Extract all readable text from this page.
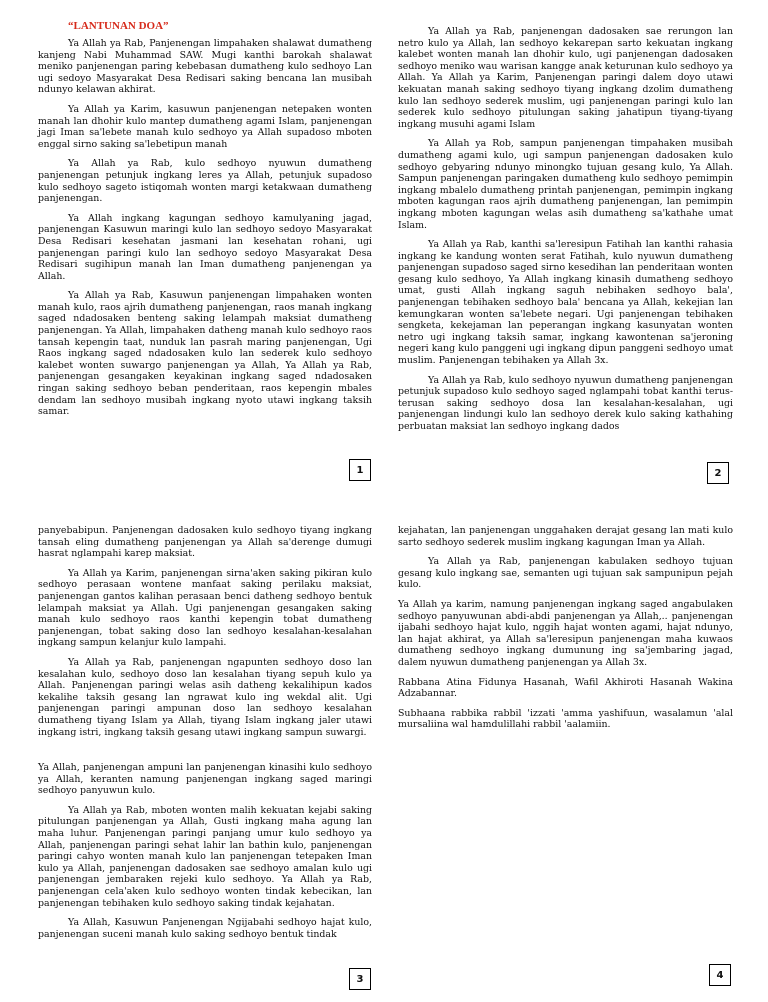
“LANTUNAN DOA”

Ya Allah ya Rab, Panjenengan limpahaken shalawat dumatheng kanjeng Nabi Muhammad SAW. Mugi kanthi barokah shalawat meniko panjenengan paring kebebasan dumatheng kulo sedhoyo Lan ugi sedoyo Masyarakat Desa Redisari saking bencana lan musibah ndunyo kelawan akhirat.

Ya Allah ya Karim, kasuwun panjenengan netepaken wonten manah lan dhohir kulo mantep dumatheng agami Islam, panjenengan jagi Iman sa'lebete manah kulo sedhoyo ya Allah supadoso mboten enggal sirno saking sa'lebetipun manah

Ya Allah ya Rab, kulo sedhoyo nyuwun dumatheng panjenengan petunjuk ingkang leres ya Allah, petunjuk supadoso kulo sedhoyo sageto istiqomah wonten margi ketakwaan dumatheng panjenengan.

Ya Allah ingkang kagungan sedhoyo kamulyaning jagad, panjenengan Kasuwun maringi kulo lan sedhoyo sedoyo Masyarakat Desa Redisari kesehatan jasmani lan kesehatan rohani, ugi panjenengan paringi kulo lan sedhoyo sedoyo Masyarakat Desa Redisari sugihipun manah lan Iman dumatheng panjenengan ya Allah.

Ya Allah ya Rab, Kasuwun panjenengan limpahaken wonten manah kulo, raos ajrih dumatheng panjenengan, raos manah ingkang saged ndadosaken benteng saking lelampah maksiat dumatheng panjenengan. Ya Allah, limpahaken datheng manah kulo sedhoyo raos tansah kepengin taat, nunduk lan pasrah maring panjenengan, Ugi Raos ingkang saged ndadosaken kulo lan sederek kulo sedhoyo kalebet wonten suwargo panjenengan ya Allah, Ya Allah ya Rab, panjenengan gesangaken keyakinan ingkang saged ndadosaken ringan saking sedhoyo beban penderitaan, raos kepengin mbales dendam lan sedhoyo musibah ingkang nyoto utawi ingkang taksih samar.

1

Ya Allah ya Rab, panjenengan dadosaken sae rerungon lan netro kulo ya Allah, lan sedhoyo kekarepan sarto kekuatan ingkang kalebet wonten manah lan dhohir kulo, ugi panjenengan dadosaken sedhoyo meniko wau warisan kangge anak keturunan kulo sedhoyo ya Allah. Ya Allah ya Karim, Panjenengan paringi dalem doyo utawi kekuatan manah saking sedhoyo tiyang ingkang dzolim dumatheng kulo lan sedhoyo sederek muslim, ugi panjenengan paringi kulo lan sederek kulo sedhoyo pitulungan saking jahatipun tiyang-tiyang ingkang musuhi agami Islam

Ya Allah ya Rob, sampun panjenengan timpahaken musibah dumatheng agami kulo, ugi sampun panjenengan dadosaken kulo sedhoyo gebyaring ndunyo minongko tujuan gesang kulo, Ya Allah. Sampun panjenengan paringaken dumatheng kulo sedhoyo pemimpin ingkang mbalelo dumatheng printah panjenengan, pemimpin ingkang mboten kagungan raos ajrih dumatheng panjenengan, lan pemimpin ingkang mboten kagungan welas asih dumatheng sa'kathahe umat Islam.

Ya Allah ya Rab, kanthi sa'leresipun Fatihah lan kanthi rahasia ingkang ke kandung wonten serat Fatihah, kulo nyuwun dumatheng panjenengan supadoso saged sirno kesedihan lan penderitaan wonten gesang kulo sedhoyo, Ya Allah ingkang kinasih dumatheng sedhoyo umat, gusti Allah ingkang saguh nebihaken sedhoyo bala', panjenengan tebihaken sedhoyo bala' bencana ya Allah, kekejian lan kemungkaran wonten sa'lebete negari. Ugi panjenengan tebihaken sengketa, kekejaman lan peperangan ingkang kasunyatan wonten netro ugi ingkang taksih samar, ingkang kawontenan sa'jeroning negeri kang kulo panggeni ugi ingkang dipun panggeni sedhoyo umat muslim. Panjenengan tebihaken ya Allah 3x.

Ya Allah ya Rab, kulo sedhoyo nyuwun dumatheng panjenengan petunjuk supadoso kulo sedhoyo saged nglampahi tobat kanthi terus-terusan saking sedhoyo dosa lan kesalahan-kesalahan, ugi panjenengan lindungi kulo lan sedhoyo derek kulo saking kathahing perbuatan maksiat lan sedhoyo ingkang dados

2

panyebabipun. Panjenengan dadosaken kulo sedhoyo tiyang ingkang tansah eling dumatheng panjenengan ya Allah sa'derenge dumugi hasrat nglampahi karep maksiat.

Ya Allah ya Karim, panjenengan sirna'aken saking pikiran kulo sedhoyo perasaan wontene manfaat saking perilaku maksiat, panjenengan gantos kalihan perasaan benci datheng sedhoyo bentuk lelampah maksiat ya Allah. Ugi panjenengan gesangaken saking manah kulo sedhoyo raos kanthi kepengin tobat dumatheng panjenengan, tobat saking doso lan sedhoyo kesalahan-kesalahan ingkang sampun kelanjur kulo lampahi.

Ya Allah ya Rab, panjenengan ngapunten sedhoyo doso lan kesalahan kulo, sedhoyo doso lan kesalahan tiyang sepuh kulo ya Allah. Panjenengan paringi welas asih datheng kekalihipun kados kekalihe taksih gesang lan ngrawat kulo ing wekdal alit. Ugi panjenengan paringi ampunan doso lan sedhoyo kesalahan dumatheng tiyang Islam ya Allah, tiyang Islam ingkang jaler utawi ingkang istri, ingkang taksih gesang utawi ingkang sampun suwargi.

Ya Allah, panjenengan ampuni lan panjenengan kinasihi kulo sedhoyo ya Allah, keranten namung panjenengan ingkang saged maringi sedhoyo panyuwun kulo.

Ya Allah ya Rab, mboten wonten malih kekuatan kejabi saking pitulungan panjenengan ya Allah, Gusti ingkang maha agung lan maha luhur. Panjenengan paringi panjang umur kulo sedhoyo ya Allah, panjenengan paringi sehat lahir lan bathin kulo, panjenengan paringi cahyo wonten manah kulo lan panjenengan tetepaken Iman kulo ya Allah, panjenengan dadosaken sae sedhoyo amalan kulo ugi panjenengan jembaraken rejeki kulo sedhoyo. Ya Allah ya Rab, panjenengan cela'aken kulo sedhoyo wonten tindak kebecikan, lan panjenengan tebihaken kulo sedhoyo saking tindak kejahatan.

Ya Allah, Kasuwun Panjenengan Ngijabahi sedhoyo hajat kulo, panjenengan suceni manah kulo saking sedhoyo bentuk tindak

3

kejahatan, lan panjenengan unggahaken derajat gesang lan mati kulo sarto sedhoyo sederek muslim ingkang kagungan Iman ya Allah.

Ya Allah ya Rab, panjenengan kabulaken sedhoyo tujuan gesang kulo ingkang sae, semanten ugi tujuan sak sampunipun pejah kulo.

Ya Allah ya karim, namung panjenengan ingkang saged angabulaken sedhoyo panyuwunan abdi-abdi panjenengan ya Allah,.. panjenengan ijabahi sedhoyo hajat kulo, nggih hajat wonten agami, hajat ndunyo, lan hajat akhirat, ya Allah sa'leresipun panjenengan maha kuwaos dumatheng sedhoyo ingkang dumunung ing sa'jembaring jagad, dalem nyuwun dumatheng panjenengan ya Allah 3x.

Rabbana Atina Fidunya Hasanah, Wafil Akhiroti Hasanah Wakina Adzabannar.

Subhaana rabbika rabbil 'izzati 'amma yashifuun, wasalamun 'alal mursaliina wal hamdulillahi rabbil 'aalamiin.

4
